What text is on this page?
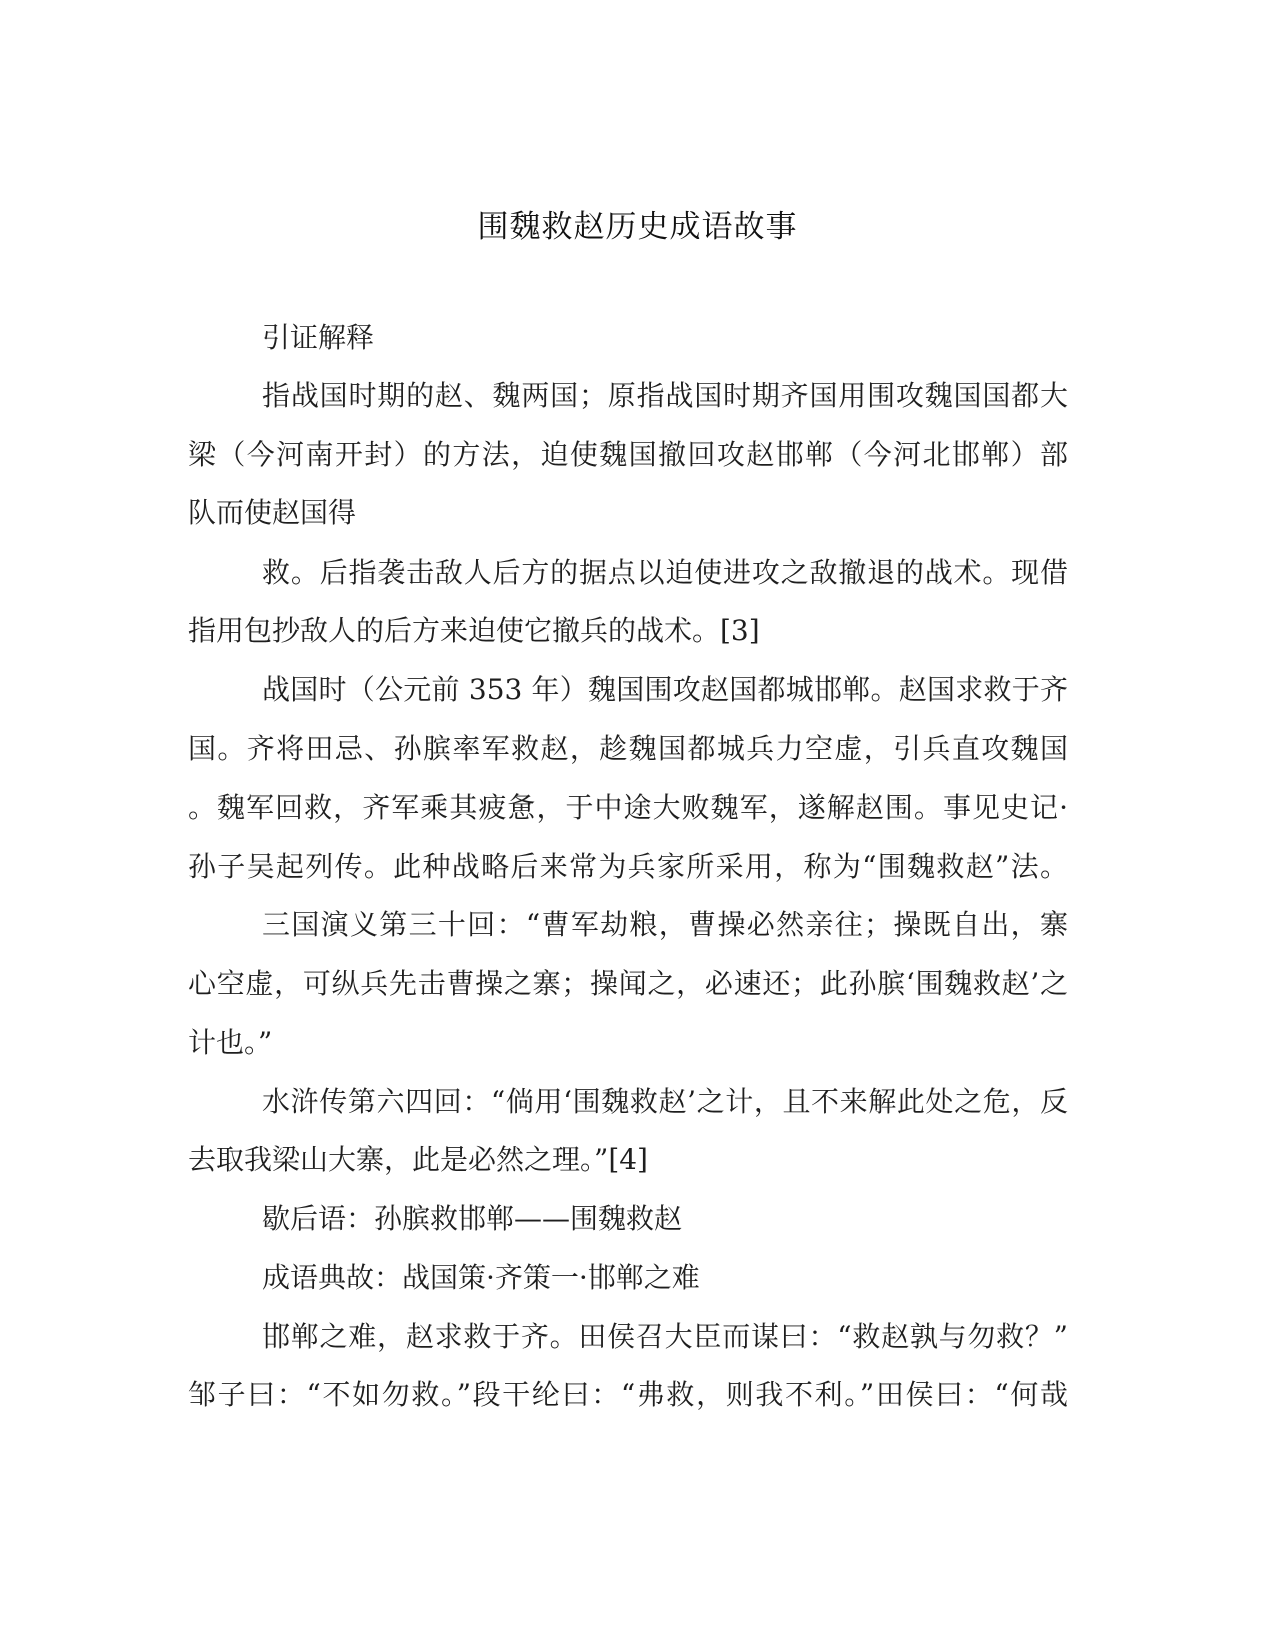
围魏救赵历史成语故事
引证解释
指战国时期的赵、魏两国；原指战国时期齐国用围攻魏国国都大
梁（今河南开封）的方法，迫使魏国撤回攻赵邯郸（今河北邯郸）部
队而使赵国得
救。后指袭击敌人后方的据点以迫使进攻之敌撤退的战术。现借
指用包抄敌人的后方来迫使它撤兵的战术。[3]
战国时（公元前 353 年）魏国围攻赵国都城邯郸。赵国求救于齐
国。齐将田忌、孙膑率军救赵，趁魏国都城兵力空虚，引兵直攻魏国
。魏军回救，齐军乘其疲惫，于中途大败魏军，遂解赵围。事见史记·
孙子吴起列传。此种战略后来常为兵家所采用，称为“围魏救赵”法。
三国演义第三十回：“曹军劫粮，曹操必然亲往；操既自出，寨
心空虚，可纵兵先击曹操之寨；操闻之，必速还；此孙膑‘围魏救赵’之
计也。”
水浒传第六四回：“倘用‘围魏救赵’之计，且不来解此处之危，反
去取我梁山大寨，此是必然之理。”[4]
歇后语：孙膑救邯郸——围魏救赵
成语典故：战国策·齐策一·邯郸之难
邯郸之难，赵求救于齐。田侯召大臣而谋曰：“救赵孰与勿救？”
邹子曰：“不如勿救。”段干纶曰：“弗救，则我不利。”田侯曰：“何哉
